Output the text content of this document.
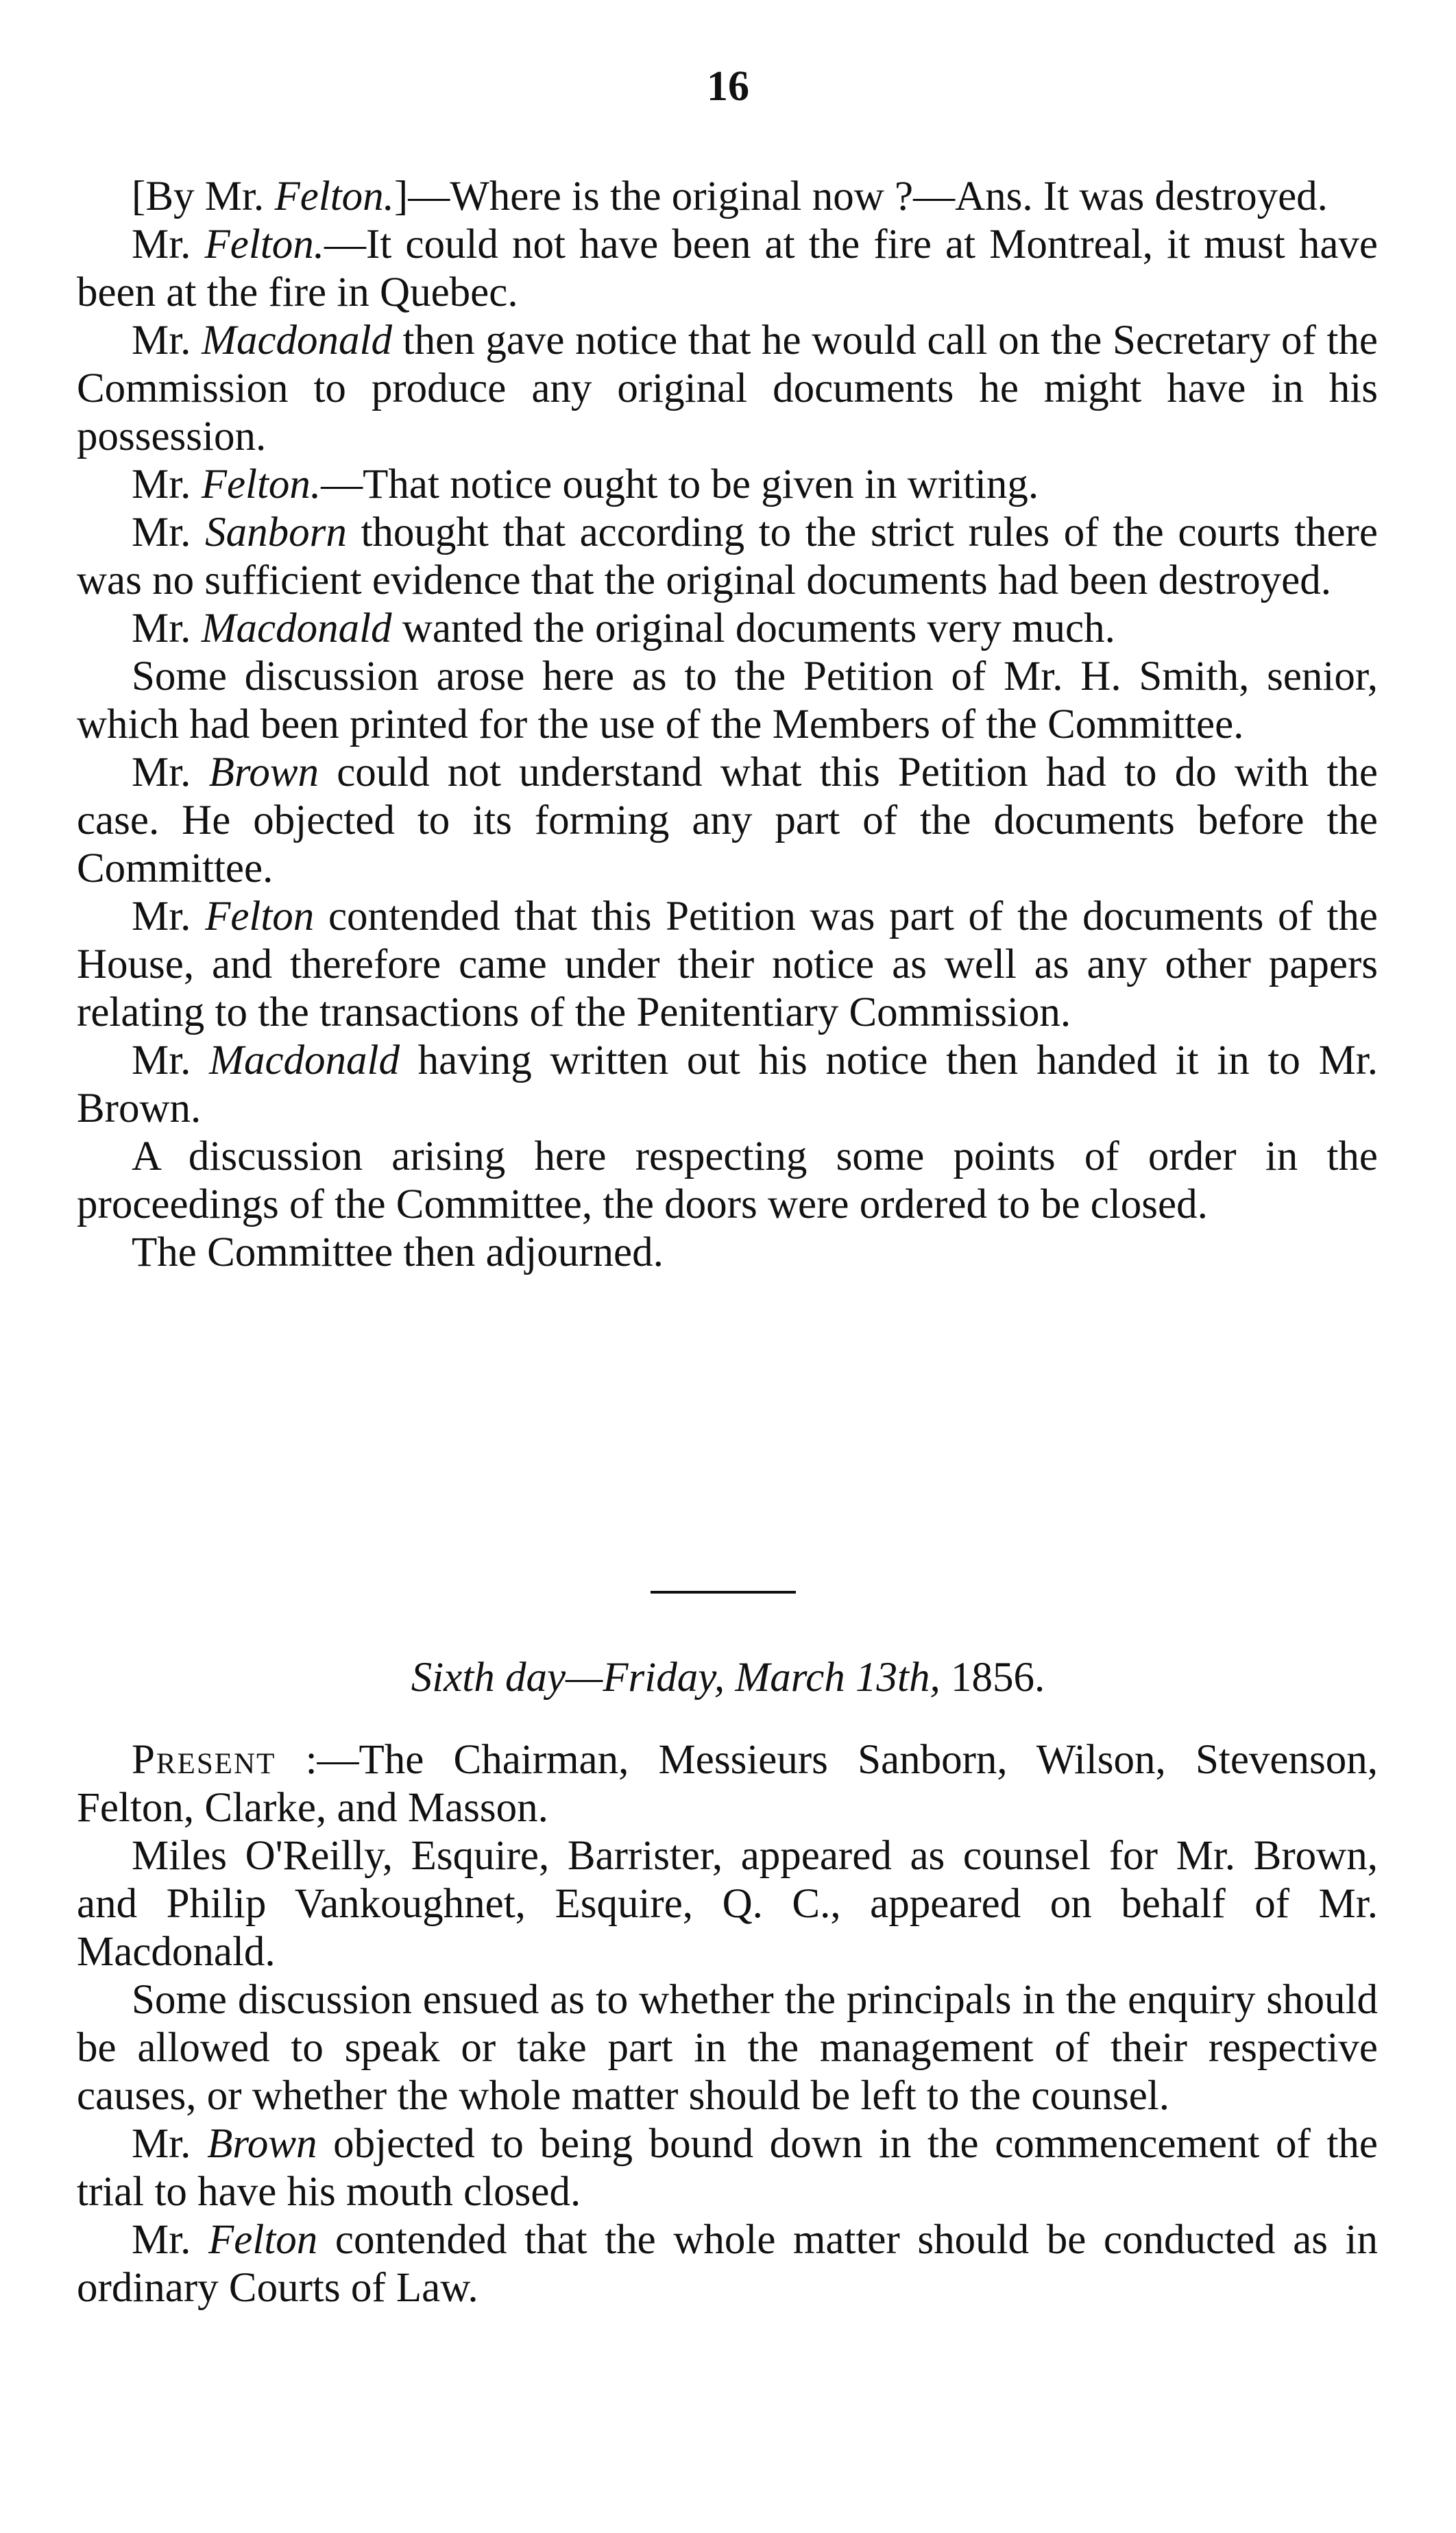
16

[By Mr. Felton.]—Where is the original now ?—Ans. It was destroyed.

Mr. Felton.—It could not have been at the fire at Montreal, it must have been at the fire in Quebec.

Mr. Macdonald then gave notice that he would call on the Secretary of the Commission to produce any original documents he might have in his possession.

Mr. Felton.—That notice ought to be given in writing.

Mr. Sanborn thought that according to the strict rules of the courts there was no sufficient evidence that the original documents had been destroyed.

Mr. Macdonald wanted the original documents very much.

Some discussion arose here as to the Petition of Mr. H. Smith, senior, which had been printed for the use of the Members of the Committee.

Mr. Brown could not understand what this Petition had to do with the case. He objected to its forming any part of the documents before the Committee.

Mr. Felton contended that this Petition was part of the documents of the House, and therefore came under their notice as well as any other papers relating to the transactions of the Penitentiary Commission.

Mr. Macdonald having written out his notice then handed it in to Mr. Brown.

A discussion arising here respecting some points of order in the proceedings of the Committee, the doors were ordered to be closed.

The Committee then adjourned.

Sixth day—Friday, March 13th, 1856.

Present :—The Chairman, Messieurs Sanborn, Wilson, Stevenson, Felton, Clarke, and Masson.

Miles O'Reilly, Esquire, Barrister, appeared as counsel for Mr. Brown, and Philip Vankoughnet, Esquire, Q. C., appeared on behalf of Mr. Macdonald.

Some discussion ensued as to whether the principals in the enquiry should be allowed to speak or take part in the management of their respective causes, or whether the whole matter should be left to the counsel.

Mr. Brown objected to being bound down in the commencement of the trial to have his mouth closed.

Mr. Felton contended that the whole matter should be conducted as in ordinary Courts of Law.
